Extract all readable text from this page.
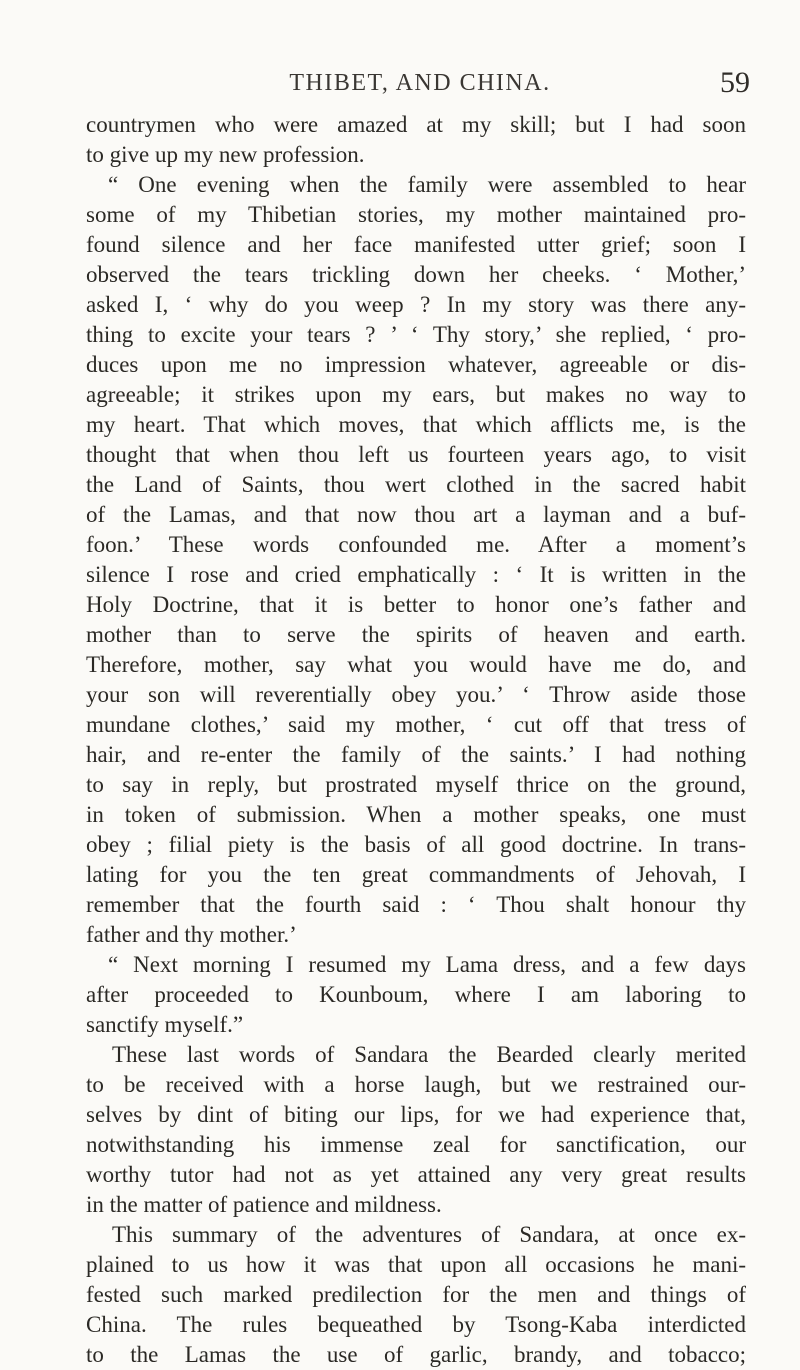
THIBET, AND CHINA.	59
countrymen who were amazed at my skill; but I had soon
to give up my new profession.
“ One evening when the family were assembled to hear
some of my Thibetian stories, my mother maintained pro-
found silence and her face manifested utter grief; soon I
observed the tears trickling down her cheeks. ‘ Mother,’
asked I, ‘ why do you weep ? In my story was there any-
thing to excite your tears ? ’ ‘ Thy story,’ she replied, ‘ pro-
duces upon me no impression whatever, agreeable or dis-
agreeable; it strikes upon my ears, but makes no way to
my heart. That which moves, that which afflicts me, is the
thought that when thou left us fourteen years ago, to visit
the Land of Saints, thou wert clothed in the sacred habit
of the Lamas, and that now thou art a layman and a buf-
foon.’ These words confounded me. After a moment’s
silence I rose and cried emphatically : ‘ It is written in the
Holy Doctrine, that it is better to honor one’s father and
mother than to serve the spirits of heaven and earth.
Therefore, mother, say what you would have me do, and
your son will reverentially obey you.’ ‘ Throw aside those
mundane clothes,’ said my mother, ‘ cut off that tress of
hair, and re-enter the family of the saints.’ I had nothing
to say in reply, but prostrated myself thrice on the ground,
in token of submission. When a mother speaks, one must
obey ; filial piety is the basis of all good doctrine. In trans-
lating for you the ten great commandments of Jehovah, I
remember that the fourth said : ‘ Thou shalt honour thy
father and thy mother.’
“ Next morning I resumed my Lama dress, and a few days
after proceeded to Kounboum, where I am laboring to
sanctify myself.”
These last words of Sandara the Bearded clearly merited
to be received with a horse laugh, but we restrained our-
selves by dint of biting our lips, for we had experience that,
notwithstanding his immense zeal for sanctification, our
worthy tutor had not as yet attained any very great results
in the matter of patience and mildness.
This summary of the adventures of Sandara, at once ex-
plained to us how it was that upon all occasions he mani-
fested such marked predilection for the men and things of
China. The rules bequeathed by Tsong-Kaba interdicted
to the Lamas the use of garlic, brandy, and tobacco;
